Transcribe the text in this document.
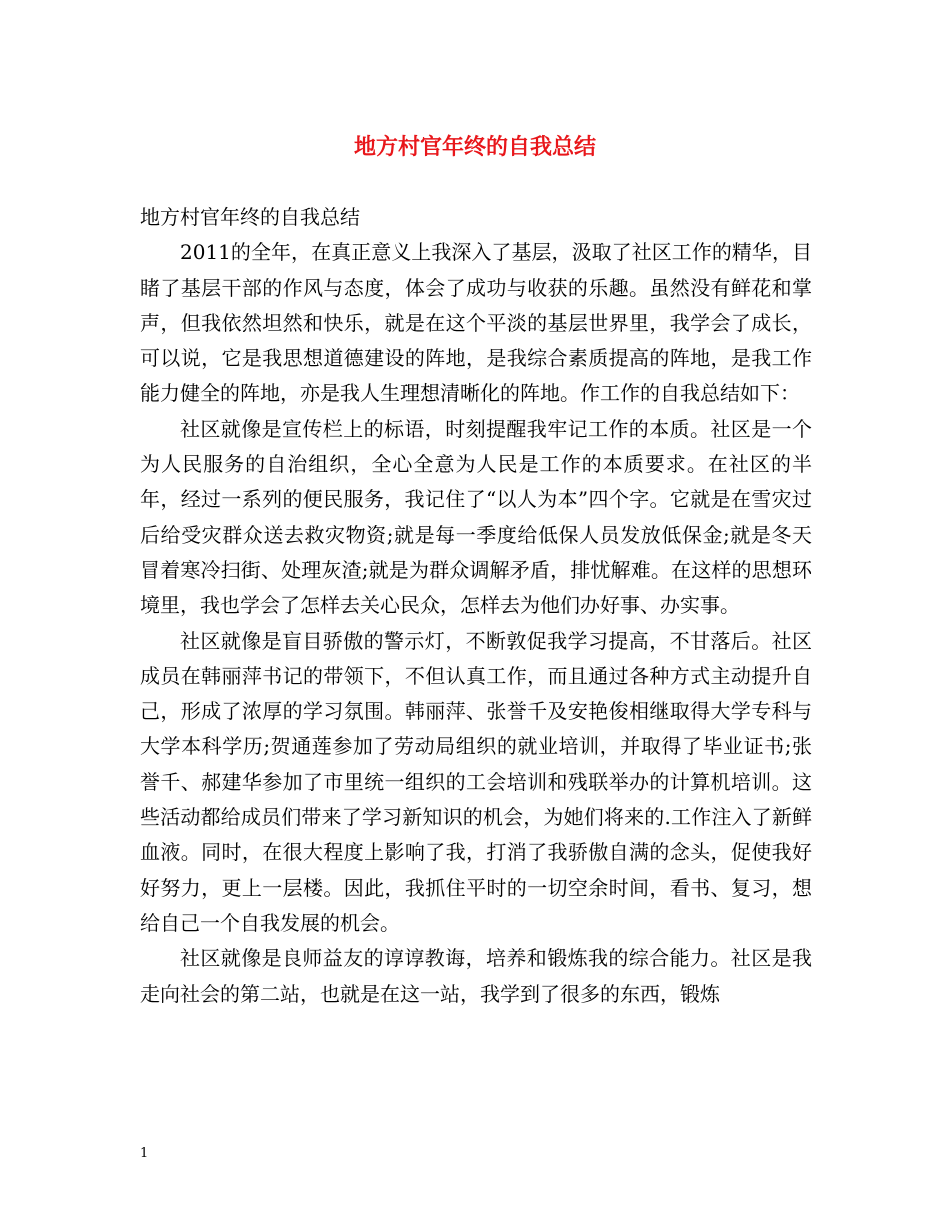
地方村官年终的自我总结

地方村官年终的自我总结

2011的全年，在真正意义上我深入了基层，汲取了社区工作的精华，目睹了基层干部的作风与态度，体会了成功与收获的乐趣。虽然没有鲜花和掌声，但我依然坦然和快乐，就是在这个平淡的基层世界里，我学会了成长，可以说，它是我思想道德建设的阵地，是我综合素质提高的阵地，是我工作能力健全的阵地，亦是我人生理想清晰化的阵地。作工作的自我总结如下：

社区就像是宣传栏上的标语，时刻提醒我牢记工作的本质。社区是一个为人民服务的自治组织，全心全意为人民是工作的本质要求。在社区的半年，经过一系列的便民服务，我记住了“以人为本”四个字。它就是在雪灾过后给受灾群众送去救灾物资;就是每一季度给低保人员发放低保金;就是冬天冒着寒冷扫街、处理灰渣;就是为群众调解矛盾，排忧解难。在这样的思想环境里，我也学会了怎样去关心民众，怎样去为他们办好事、办实事。

社区就像是盲目骄傲的警示灯，不断敦促我学习提高，不甘落后。社区成员在韩丽萍书记的带领下，不但认真工作，而且通过各种方式主动提升自己，形成了浓厚的学习氛围。韩丽萍、张誉千及安艳俊相继取得大学专科与大学本科学历;贺通莲参加了劳动局组织的就业培训，并取得了毕业证书;张誉千、郝建华参加了市里统一组织的工会培训和残联举办的计算机培训。这些活动都给成员们带来了学习新知识的机会，为她们将来的.工作注入了新鲜血液。同时，在很大程度上影响了我，打消了我骄傲自满的念头，促使我好好努力，更上一层楼。因此，我抓住平时的一切空余时间，看书、复习，想给自己一个自我发展的机会。

社区就像是良师益友的谆谆教诲，培养和锻炼我的综合能力。社区是我走向社会的第二站，也就是在这一站，我学到了很多的东西，锻炼

1
